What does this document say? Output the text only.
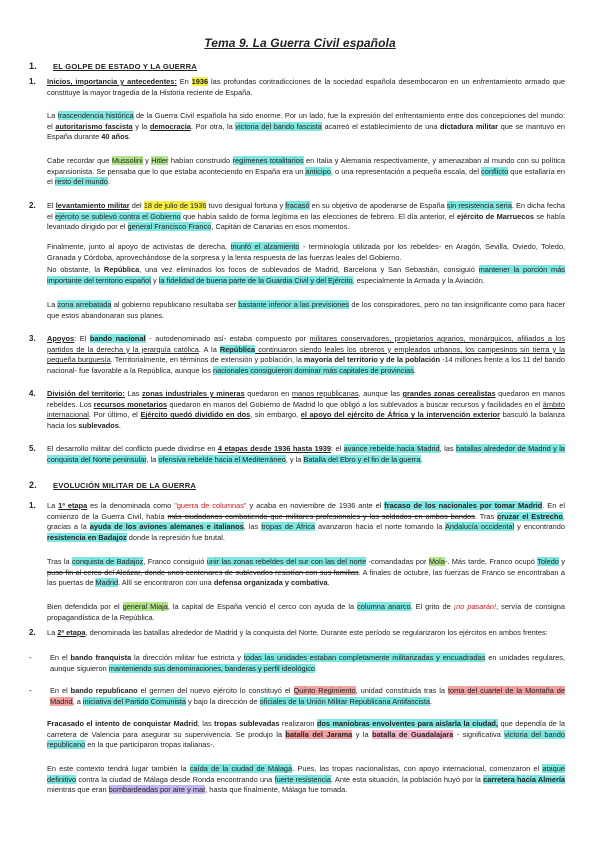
Tema 9. La Guerra Civil española
1. EL GOLPE DE ESTADO Y LA GUERRA
1. Inicios, importancia y antecedentes: En 1936 las profundas contradicciones de la sociedad española desembocaron en un enfrentamiento armado que constituye la mayor tragedia de la Historia reciente de España.

La trascendencia histórica de la Guerra Civil española ha sido enorme. Por un lado, fue la expresión del enfrentamiento entre dos concepciones del mundo: el autoritarismo fascista y la democracia. Por otra, la victoria del bando fascista acarreó el establecimiento de una dictadura militar que se mantuvo en España durante 40 años.

Cabe recordar que Mussolini y Hitler habían construido regímenes totalitarios en Italia y Alemania respectivamente, y amenazaban al mundo con su política expansionista. Se pensaba que lo que estaba aconteciendo en España era un anticipo, o una representación a pequeña escala, del conflicto que estallaría en el resto del mundo.

2. El levantamiento militar del 18 de julio de 1936 tuvo desigual fortuna y fracasó en su objetivo de apoderarse de España sin resistencia seria. En dicha fecha el ejército se sublevó contra el Gobierno que había salido de forma legítima en las elecciones de febrero. El día anterior, el ejército de Marruecos se había levantado dirigido por el general Francisco Franco, Capitán de Canarias en esos momentos.

Finalmente, junto al apoyo de activistas de derecha, triunfó el alzamiento - terminología utilizada por los rebeldes- en Aragón, Sevilla, Oviedo, Toledo, Granada y Córdoba, aprovechándose de la sorpresa y la lenta respuesta de las fuerzas leales del Gobierno.

No obstante, la República, una vez eliminados los focos de sublevados de Madrid, Barcelona y San Sebastián, consiguió mantener la porción más importante del territorio español y la fidelidad de buena parte de la Guardia Civil y del Ejército, especialmente la Armada y la Aviación.

La zona arrebatada al gobierno republicano resultaba ser bastante inferior a las previsiones de los conspiradores, pero no tan insignificante como para hacer que estos abandonaran sus planes.

3. Apoyos: El bando nacional - autodenominado así- estaba compuesto por militares conservadores, propietarios agrarios, monárquicos, afiliados a los partidos de la derecha y la jerarquía católica. A la República continuaron siendo leales los obreros y empleados urbanos, los campesinos sin tierra y la pequeña burguesía. Territorialmente, en términos de extensión y población, la mayoría del territorio y de la población -14 millones frente a los 11 del bando nacional- fue favorable a la República, aunque los nacionales consiguieron dominar más capitales de provincias.

4. División del territorio: Las zonas industriales y mineras quedaron en manos republicanas, aunque las grandes zonas cerealistas quedaron en manos rebeldes. Los recursos monetarios quedaron en manos del Gobierno de Madrid lo que obligó a los sublevados a buscar recursos y facilidades en el ámbito internacional. Por último, el Ejército quedó dividido en dos, sin embargo, el apoyo del ejército de África y la intervención exterior basculó la balanza hacia los sublevados.

5. El desarrollo militar del conflicto puede dividirse en 4 etapas desde 1936 hasta 1939: el avance rebelde hacia Madrid, las batallas alrededor de Madrid y la conquista del Norte peninsular, la ofensiva rebelde hacia el Mediterráneo, y la Batalla del Ebro y el fin de la guerra.

2. EVOLUCIÓN MILITAR DE LA GUERRA
1. La 1ª etapa es la denominada como "guerra de columnas" y acaba en noviembre de 1936 ante el fracaso de los nacionales por tomar Madrid. En el comienzo de la Guerra Civil, había más ciudadanos combatiendo que militares profesionales y los soldados en ambos bandos. Tras cruzar el Estrecho, gracias a la ayuda de los aviones alemanes e italianos, las tropas de África avanzaron hacia el norte tomando la Andalucía occidental y encontrando resistencia en Badajoz donde la represión fue brutal.

Tras la conquista de Badajoz, Franco consiguió unir las zonas rebeldes del sur con las del norte -comandadas por Mola-. Más tarde, Franco ocupó Toledo y puso fin al cerco del Alcázar, donde unos centenares de sublevados resistían con sus familias. A finales de octubre, las fuerzas de Franco se encontraban a las puertas de Madrid. Allí se encontraron con una defensa organizada y combativa.

Bien defendida por el general Miaja, la capital de España venció el cerco con ayuda de la columna anarco. El grito de ¡no pasarán!, servía de consigna propagandística de la República.

2. La 2ª etapa, denominada las batallas alrededor de Madrid y la conquista del Norte. Durante este período se regularizaron los ejércitos en ambos frentes:

- En el bando franquista la dirección militar fue estricta y todas las unidades estaban completamente militarizadas y encuadradas en unidades regulares, aunque siguieron manteniendo sus denominaciones, banderas y perfil ideológico.

- En el bando republicano el germen del nuevo ejército lo constituyó el Quinto Regimiento, unidad constituida tras la toma del cuartel de la Montaña de Madrid, a iniciativa del Partido Comunista y bajo la dirección de oficiales de la Unión Militar Republicana Antifascista.

Fracasado el intento de conquistar Madrid, las tropas sublevadas realizaron dos maniobras envolventes para aislarla la ciudad, que dependía de la carretera de Valencia para asegurar su supervivencia. Se produjo la batalla del Jarama y la batalla de Guadalajara - significativa victoria del bando republicano en la que participaron tropas italianas-.

En este contexto tendrá lugar también la caída de la ciudad de Málaga. Pues, las tropas nacionalistas, con apoyo internacional, comenzaron el ataque definitivo contra la ciudad de Málaga desde Ronda encontrando una fuerte resistencia. Ante esta situación, la población huyó por la carretera hacia Almería mientras que eran bombardeadas por aire y mar, hasta que finalmente, Málaga fue tomada.
